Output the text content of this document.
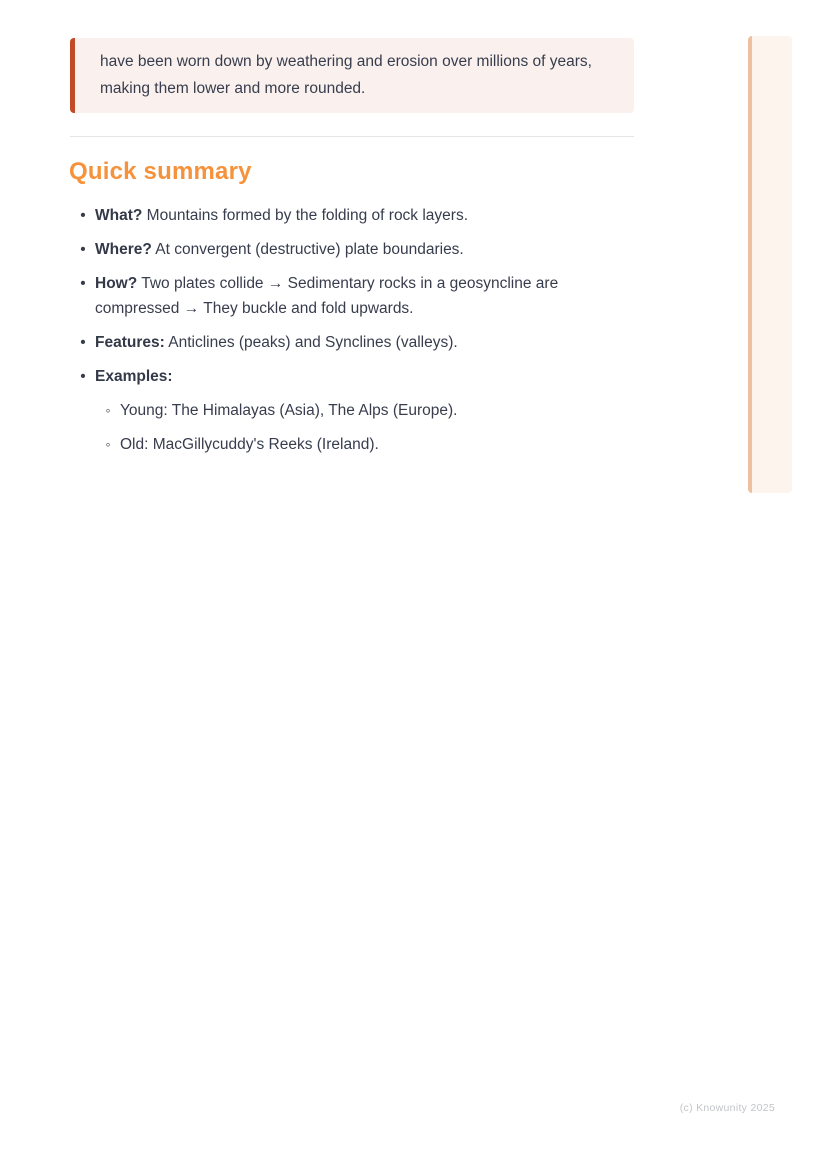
have been worn down by weathering and erosion over millions of years, making them lower and more rounded.
Quick summary
• What? Mountains formed by the folding of rock layers.
• Where? At convergent (destructive) plate boundaries.
• How? Two plates collide → Sedimentary rocks in a geosyncline are compressed → They buckle and fold upwards.
• Features: Anticlines (peaks) and Synclines (valleys).
• Examples:
◦ Young: The Himalayas (Asia), The Alps (Europe).
◦ Old: MacGillycuddy's Reeks (Ireland).
(c) Knowunity 2025
